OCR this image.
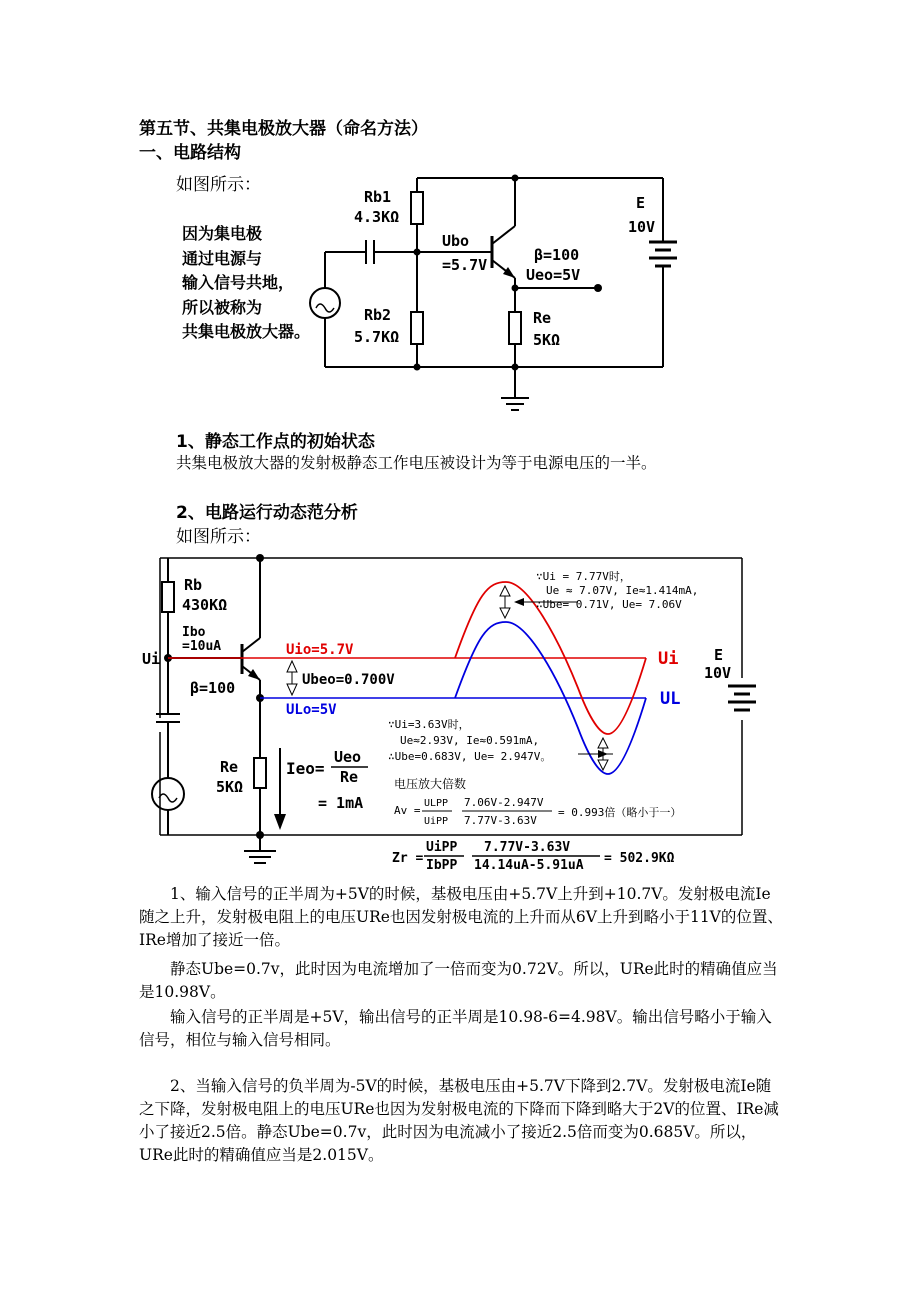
第五节、共集电极放大器（命名方法）
一、电路结构
如图所示：
Rb1
4.3KΩ
Rb2
5.7KΩ
Ubo
=5.7V
β=100
Ueo=5V
Re
5KΩ
E
10V
因为集电极
通过电源与
输入信号共地，
所以被称为
共集电极放大器。
1、静态工作点的初始状态
共集电极放大器的发射极静态工作电压被设计为等于电源电压的一半。
2、电路运行动态范分析
如图所示：
Rb
430KΩ
Ui
β=100
Re
5KΩ
E
10V
Ieo=
Ueo
Re
= 1mA
Ui
UL
Uio=5.7V
Ubeo=0.700V
ULo=5V
Ibo
=10uA
∵Ui = 7.77V时，
Ue ≈ 7.07V, Ie≈1.414mA,
∴Ube= 0.71V, Ue= 7.06V
∵Ui=3.63V时，
Ue≈2.93V, Ie≈0.591mA,
∴Ube=0.683V, Ue= 2.947V。
电压放大倍数
Av =
ULPP
UiPP
7.06V-2.947V
7.77V-3.63V
= 0.993倍（略小于一）
Zr =
UiPP
IbPP
7.77V-3.63V
14.14uA-5.91uA = 502.9KΩ
　　1、输入信号的正半周为+5V的时候，基极电压由+5.7V上升到+10.7V。发射极电流Ie随之上升，发射极电阻上的电压URe也因发射极电流的上升而从6V上升到略小于11V的位置、IRe增加了接近一倍。
　　静态Ube=0.7v，此时因为电流增加了一倍而变为0.72V。所以，URe此时的精确值应当是10.98V。
　　输入信号的正半周是+5V，输出信号的正半周是10.98-6=4.98V。输出信号略小于输入信号，相位与输入信号相同。
　　2、当输入信号的负半周为-5V的时候，基极电压由+5.7V下降到2.7V。发射极电流Ie随之下降，发射极电阻上的电压URe也因为发射极电流的下降而下降到略大于2V的位置、IRe减小了接近2.5倍。静态Ube=0.7v，此时因为电流减小了接近2.5倍而变为0.685V。所以，URe此时的精确值应当是2.015V。
